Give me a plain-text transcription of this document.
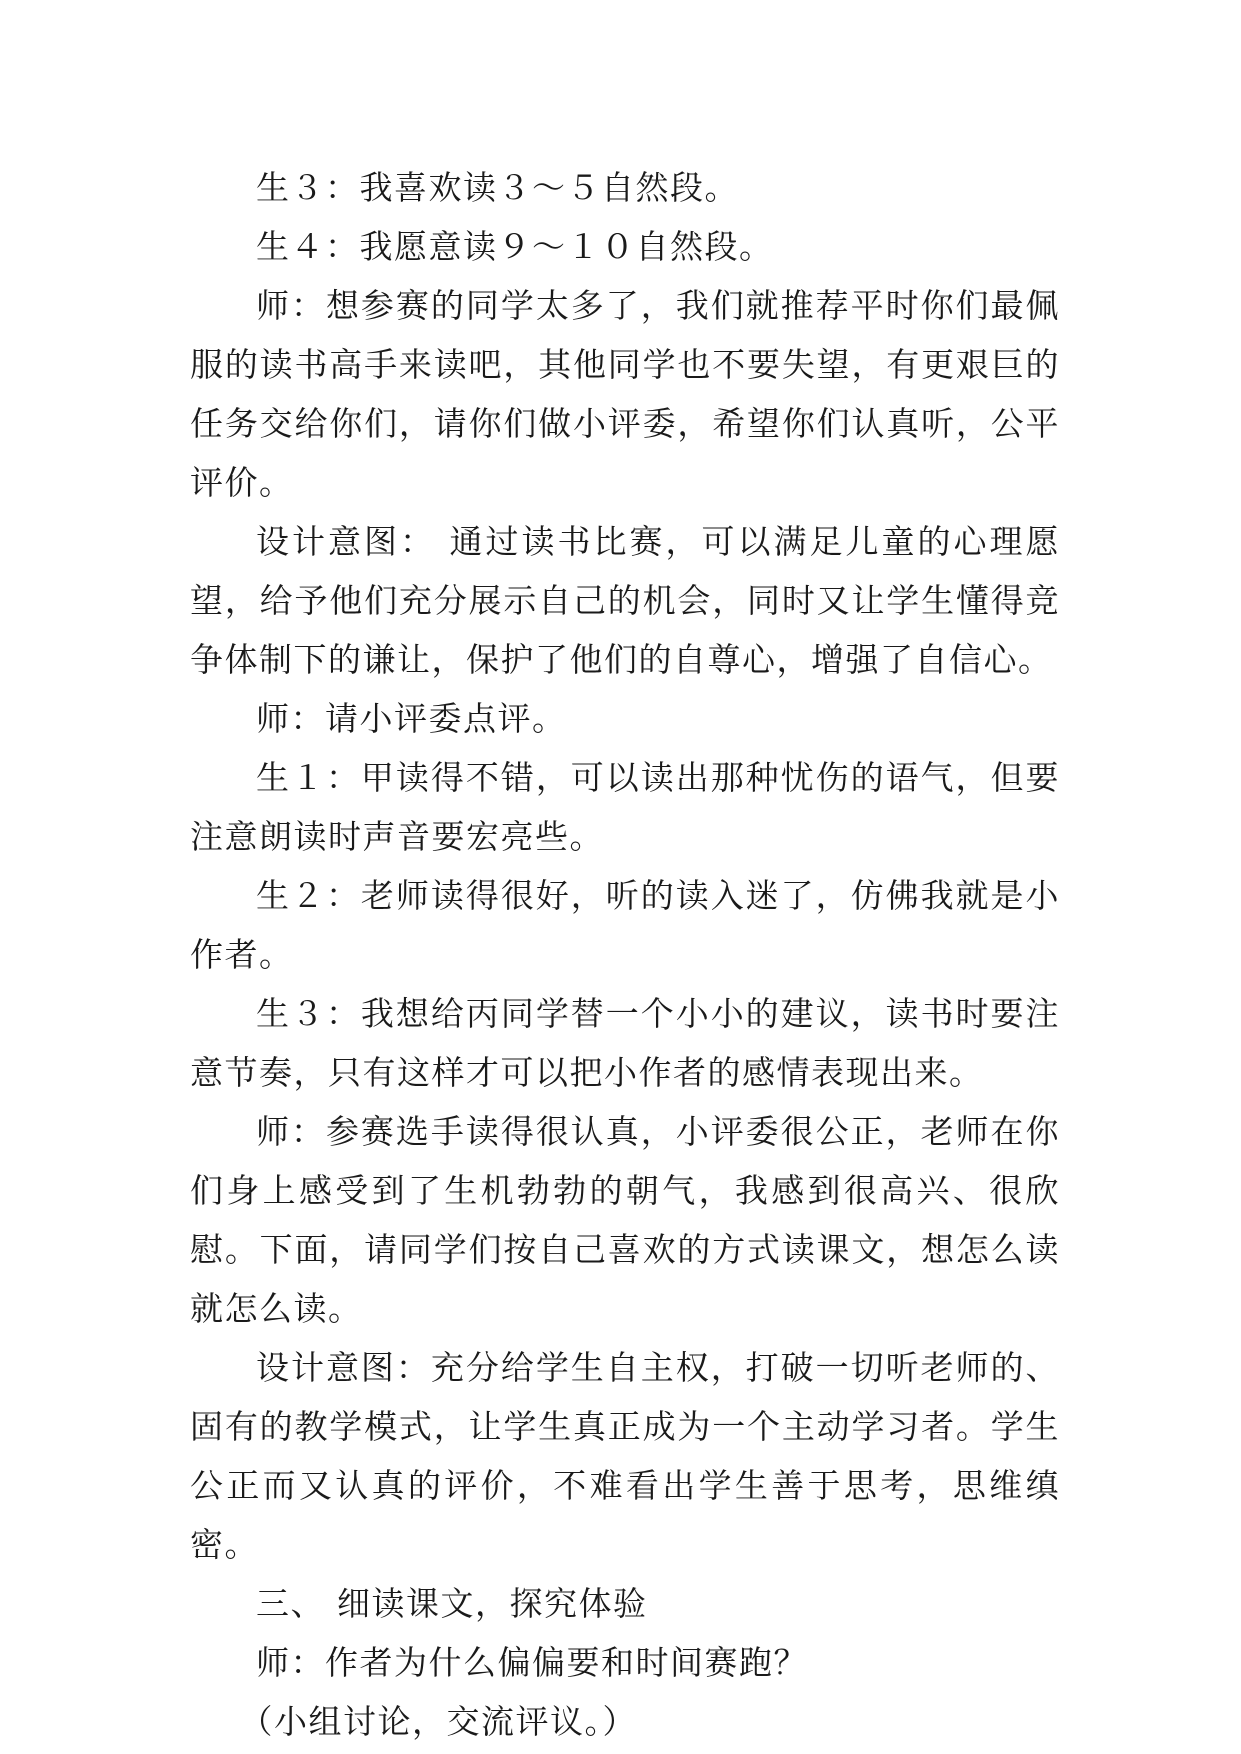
生３：我喜欢读３～５自然段。

生４：我愿意读９～１０自然段。

师：想参赛的同学太多了，我们就推荐平时你们最佩服的读书高手来读吧，其他同学也不要失望，有更艰巨的任务交给你们，请你们做小评委，希望你们认真听，公平评价。

设计意图： 通过读书比赛，可以满足儿童的心理愿望，给予他们充分展示自己的机会，同时又让学生懂得竞争体制下的谦让，保护了他们的自尊心，增强了自信心。

师：请小评委点评。

生１：甲读得不错，可以读出那种忧伤的语气，但要注意朗读时声音要宏亮些。

生２：老师读得很好，听的读入迷了，仿佛我就是小作者。

生３：我想给丙同学替一个小小的建议，读书时要注意节奏，只有这样才可以把小作者的感情表现出来。

师：参赛选手读得很认真，小评委很公正，老师在你们身上感受到了生机勃勃的朝气，我感到很高兴、很欣慰。下面，请同学们按自己喜欢的方式读课文，想怎么读就怎么读。

设计意图：充分给学生自主权，打破一切听老师的、固有的教学模式，让学生真正成为一个主动学习者。学生公正而又认真的评价，不难看出学生善于思考，思维缜密。

三、 细读课文，探究体验

师：作者为什么偏偏要和时间赛跑？

（小组讨论，交流评议。）
